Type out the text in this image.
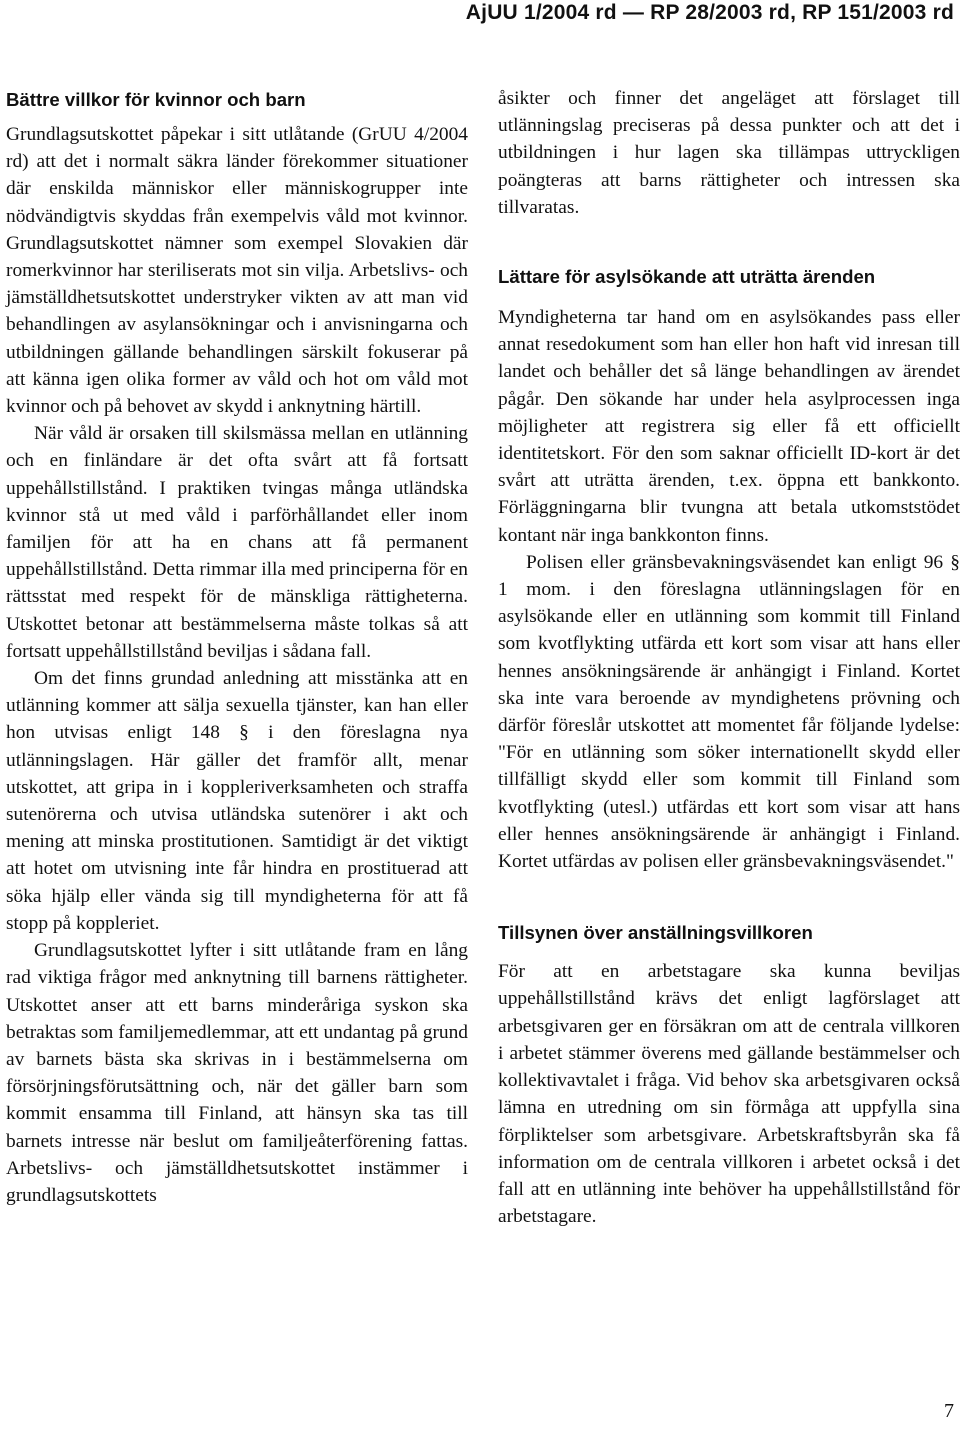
AjUU 1/2004 rd — RP 28/2003 rd, RP 151/2003 rd
Bättre villkor för kvinnor och barn

Grundlagsutskottet påpekar i sitt utlåtande (GrUU 4/2004 rd) att det i normalt säkra länder förekommer situationer där enskilda människor eller människogrupper inte nödvändigtvis skyddas från exempelvis våld mot kvinnor. Grundlagsutskottet nämner som exempel Slovakien där romerkvinnor har steriliserats mot sin vilja. Arbetslivs- och jämställdhetsutskottet understryker vikten av att man vid behandlingen av asylansökningar och i anvisningarna och utbildningen gällande behandlingen särskilt fokuserar på att känna igen olika former av våld och hot om våld mot kvinnor och på behovet av skydd i anknytning härtill.

När våld är orsaken till skilsmässa mellan en utlänning och en finländare är det ofta svårt att få fortsatt uppehållstillstånd. I praktiken tvingas många utländska kvinnor stå ut med våld i parförhållandet eller inom familjen för att ha en chans att få permanent uppehållstillstånd. Detta rimmar illa med principerna för en rättsstat med respekt för de mänskliga rättigheterna. Utskottet betonar att bestämmelserna måste tolkas så att fortsatt uppehållstillstånd beviljas i sådana fall.

Om det finns grundad anledning att misstänka att en utlänning kommer att sälja sexuella tjänster, kan han eller hon utvisas enligt 148 § i den föreslagna nya utlänningslagen. Här gäller det framför allt, menar utskottet, att gripa in i koppleriverksamheten och straffa sutenörerna och utvisa utländska sutenörer i akt och mening att minska prostitutionen. Samtidigt är det viktigt att hotet om utvisning inte får hindra en prostituerad att söka hjälp eller vända sig till myndigheterna för att få stopp på koppleriet.

Grundlagsutskottet lyfter i sitt utlåtande fram en lång rad viktiga frågor med anknytning till barnens rättigheter. Utskottet anser att ett barns minderåriga syskon ska betraktas som familjemedlemmar, att ett undantag på grund av barnets bästa ska skrivas in i bestämmelserna om försörjningsförutsättning och, när det gäller barn som kommit ensamma till Finland, att hänsyn ska tas till barnets intresse när beslut om familjeåterförening fattas. Arbetslivs- och jämställdhetsutskottet instämmer i grundlagsutskottets

åsikter och finner det angeläget att förslaget till utlänningslag preciseras på dessa punkter och att det i utbildningen i hur lagen ska tillämpas uttryckligen poängteras att barns rättigheter och intressen ska tillvaratas.

Lättare för asylsökande att uträtta ärenden

Myndigheterna tar hand om en asylsökandes pass eller annat resedokument som han eller hon haft vid inresan till landet och behåller det så länge behandlingen av ärendet pågår. Den sökande har under hela asylprocessen inga möjligheter att registrera sig eller få ett officiellt identitetskort. För den som saknar officiellt ID-kort är det svårt att uträtta ärenden, t.ex. öppna ett bankkonto. Förläggningarna blir tvungna att betala utkomststödet kontant när inga bankkonton finns.

Polisen eller gränsbevakningsväsendet kan enligt 96 § 1 mom. i den föreslagna utlänningslagen för en asylsökande eller en utlänning som kommit till Finland som kvotflykting utfärda ett kort som visar att hans eller hennes ansökningsärende är anhängigt i Finland. Kortet ska inte vara beroende av myndighetens prövning och därför föreslår utskottet att momentet får följande lydelse: "För en utlänning som söker internationellt skydd eller tillfälligt skydd eller som kommit till Finland som kvotflykting (utesl.) utfärdas ett kort som visar att hans eller hennes ansökningsärende är anhängigt i Finland. Kortet utfärdas av polisen eller gränsbevakningsväsendet."

Tillsynen över anställningsvillkoren

För att en arbetstagare ska kunna beviljas uppehållstillstånd krävs det enligt lagförslaget att arbetsgivaren ger en försäkran om att de centrala villkoren i arbetet stämmer överens med gällande bestämmelser och kollektivavtalet i fråga. Vid behov ska arbetsgivaren också lämna en utredning om sin förmåga att uppfylla sina förpliktelser som arbetsgivare. Arbetskraftsbyrån ska få information om de centrala villkoren i arbetet också i det fall att en utlänning inte behöver ha uppehållstillstånd för arbetstagare.

7
